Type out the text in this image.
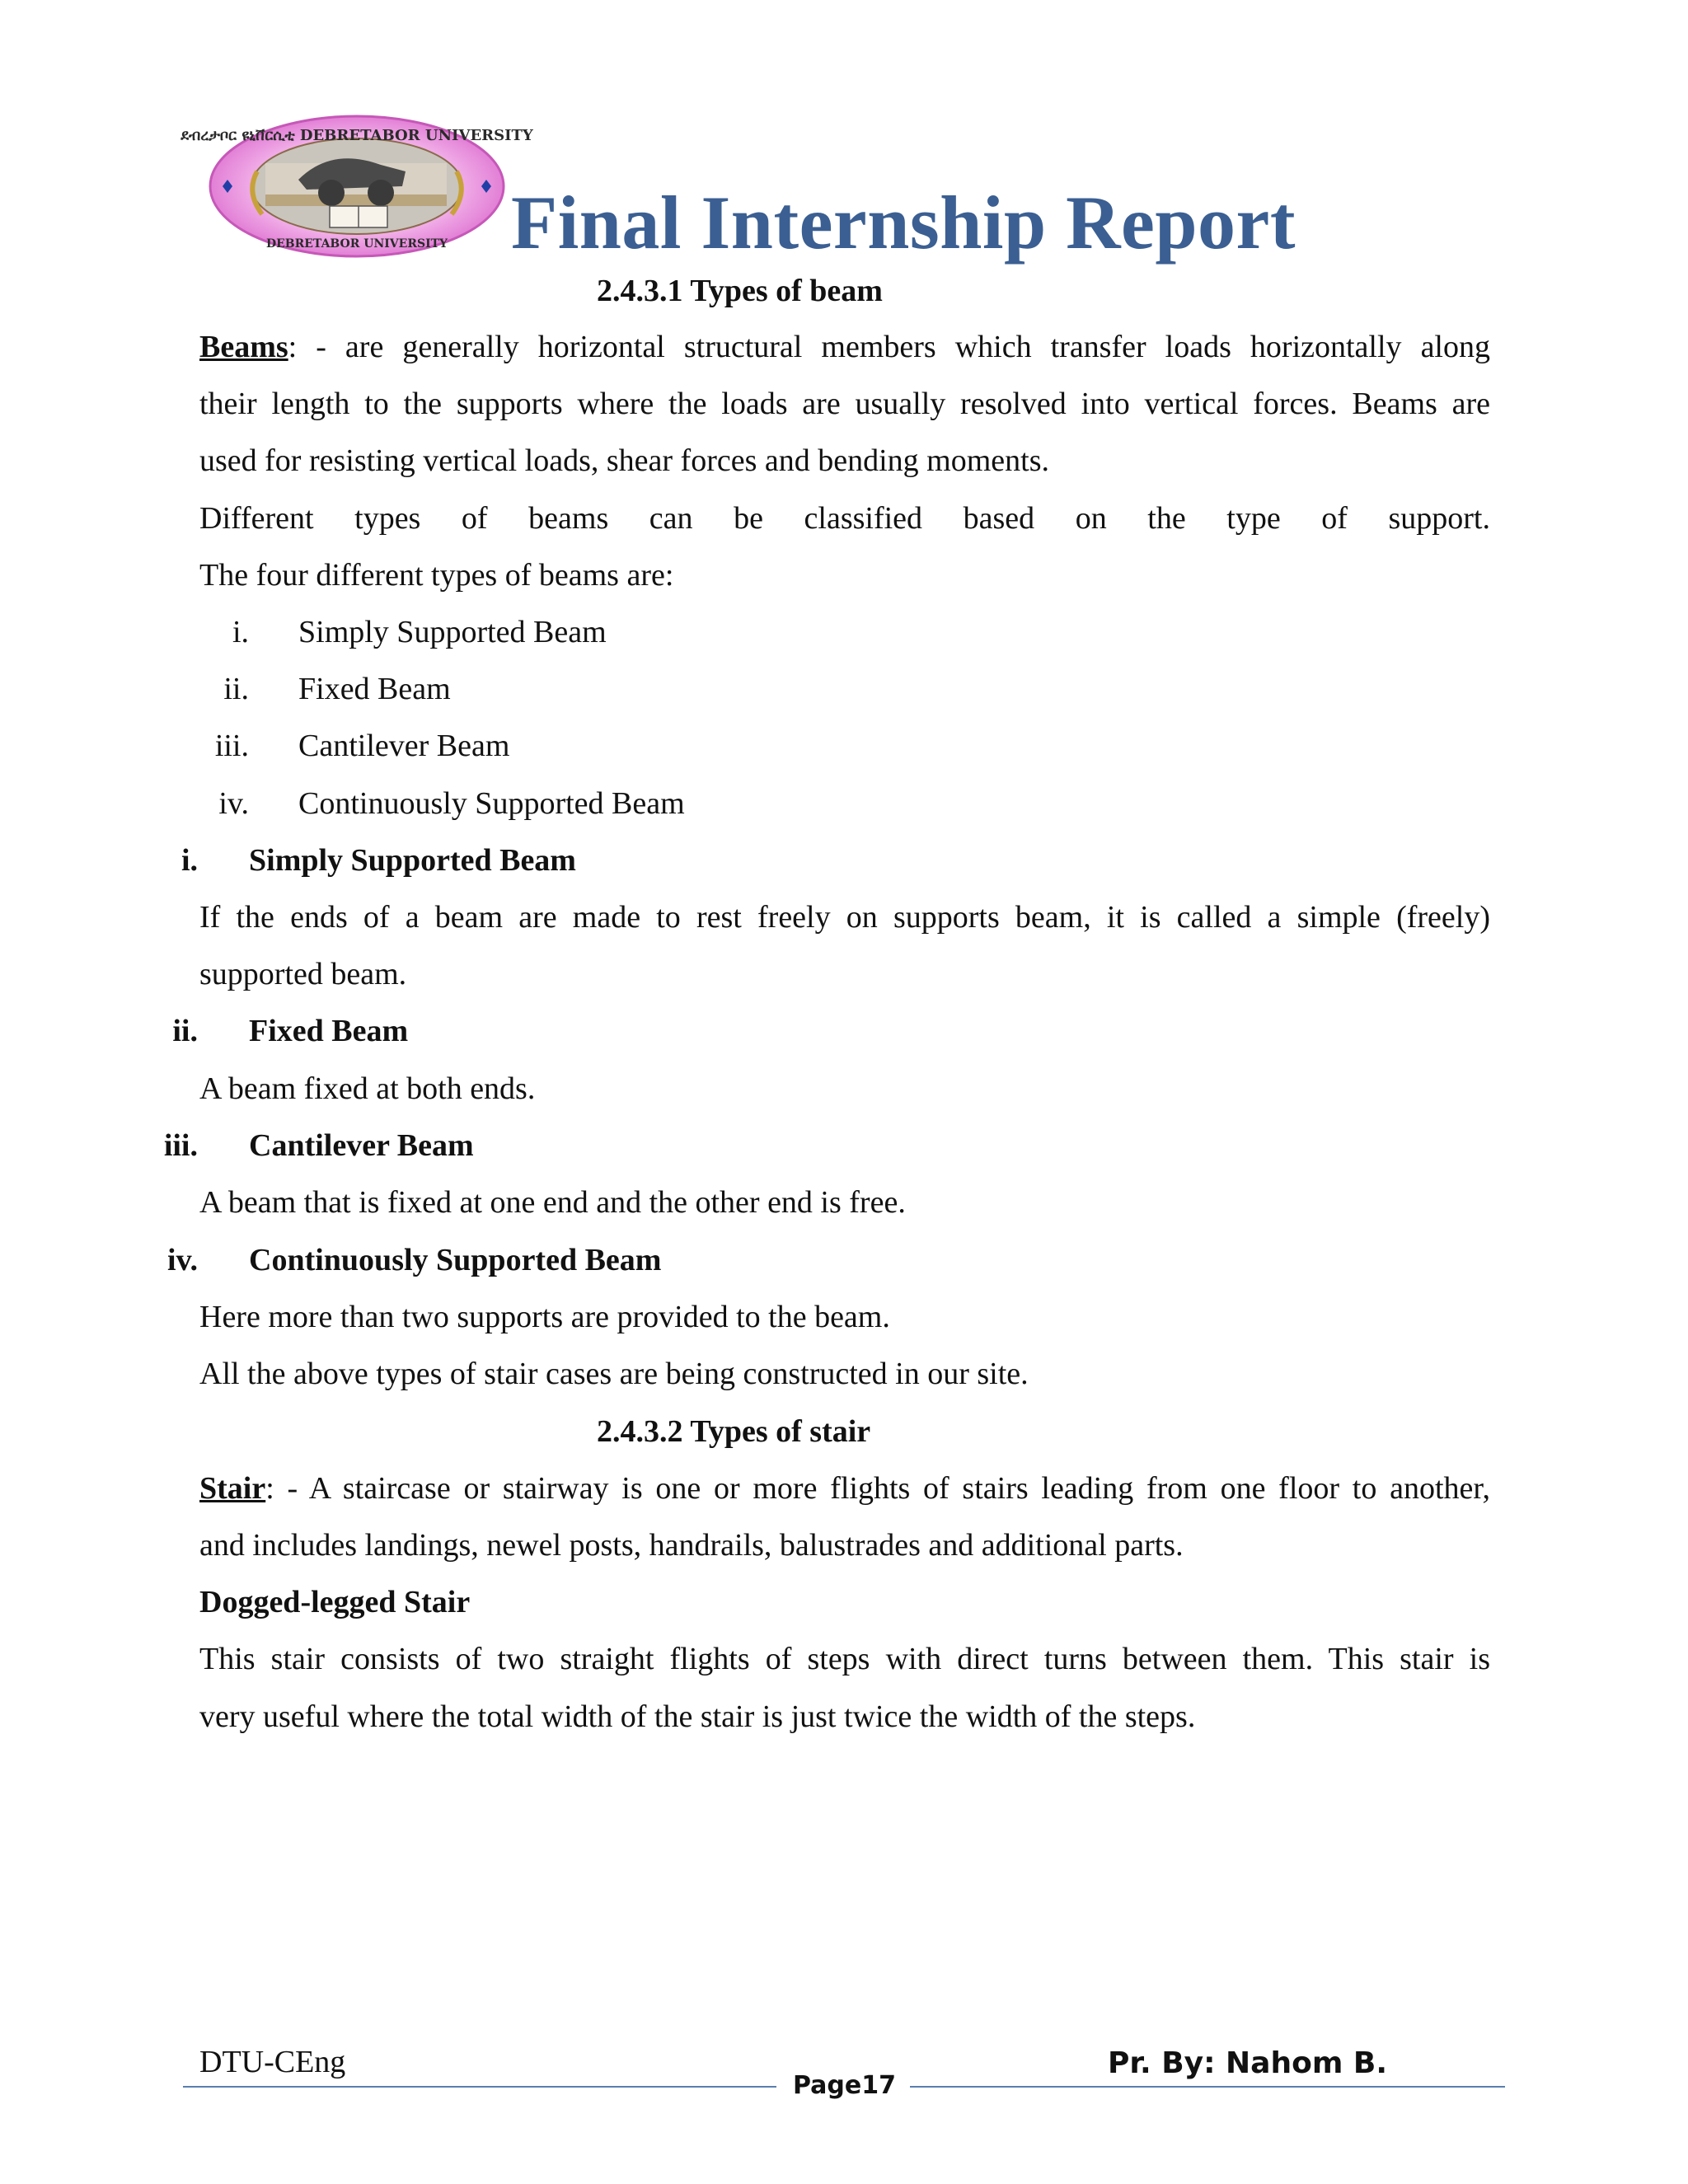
ደብረታቦር ዩኒቨርሲቲ DEBRETABOR UNIVERSITY
DEBRETABOR UNIVERSITY Final Internship Report
2.4.3.1 Types of beam
Beams: - are generally horizontal structural members which transfer loads horizontally along
their length to the supports where the loads are usually resolved into vertical forces. Beams are
used for resisting vertical loads, shear forces and bending moments.
Different types of beams can be classified based on the type of support.
The four different types of beams are:
i. Simply Supported Beam
ii. Fixed Beam
iii. Cantilever Beam
iv. Continuously Supported Beam
i. Simply Supported Beam
If the ends of a beam are made to rest freely on supports beam, it is called a simple (freely)
supported beam.
ii. Fixed Beam
A beam fixed at both ends.
iii. Cantilever Beam
A beam that is fixed at one end and the other end is free.
iv. Continuously Supported Beam
Here more than two supports are provided to the beam.
All the above types of stair cases are being constructed in our site.
2.4.3.2 Types of stair
Stair: - A staircase or stairway is one or more flights of stairs leading from one floor to another,
and includes landings, newel posts, handrails, balustrades and additional parts.
Dogged-legged Stair
This stair consists of two straight flights of steps with direct turns between them. This stair is
very useful where the total width of the stair is just twice the width of the steps.
DTU-CEng
Page17
Pr. By: Nahom B.
